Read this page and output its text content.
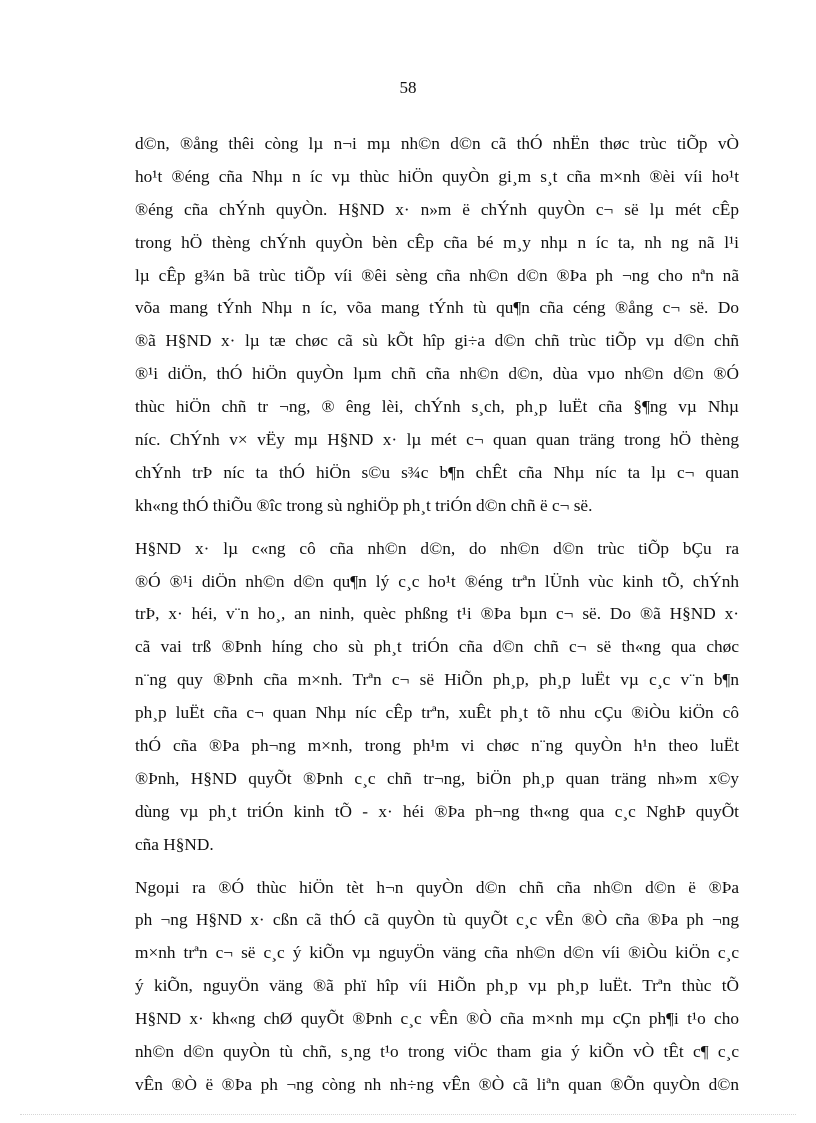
58

d©n, ®ång thêi còng lµ n¬i mµ nh©n d©n cã thÓ nhËn thøc trùc tiÕp vÒ
ho¹t ®éng cña Nhµ n íc vµ thùc hiÖn quyÒn gi¸m s¸t cña m×nh ®èi víi ho¹t
®éng cña chÝnh quyÒn. H§ND x· n»m ë chÝnh quyÒn c¬ së lµ mét cÊp
trong hÖ thèng chÝnh quyÒn bèn cÊp cña bé m¸y nhµ n íc ta, nh ng nã l¹i
lµ cÊp g¾n bã trùc tiÕp víi ®êi sèng cña nh©n d©n ®Þa ph ¬ng cho nªn nã
võa mang tÝnh Nhµ n íc, võa mang tÝnh tù qu¶n cña céng ®ång c¬ së. Do
®ã H§ND x· lµ tæ chøc cã sù kÕt hîp gi÷a d©n chñ trùc tiÕp vµ d©n chñ
®¹i diÖn, thÓ hiÖn quyÒn lµm chñ cña nh©n d©n, dùa vµo nh©n d©n ®Ó
thùc hiÖn chñ tr ¬ng, ® êng lèi, chÝnh s¸ch, ph¸p luËt cña §¶ng vµ Nhµ
níc. ChÝnh v× vËy mµ H§ND x· lµ mét c¬ quan quan träng trong hÖ thèng
chÝnh trÞ níc ta thÓ hiÖn s©u s¾c b¶n chÊt cña Nhµ níc ta lµ c¬ quan
kh«ng thÓ thiÕu ®îc trong sù nghiÖp ph¸t triÓn d©n chñ ë c¬ së.

H§ND x· lµ c«ng cô cña nh©n d©n, do nh©n d©n trùc tiÕp bÇu ra
®Ó ®¹i diÖn nh©n d©n qu¶n lý c¸c ho¹t ®éng trªn lÜnh vùc kinh tÕ, chÝnh
trÞ, x· héi, v¨n ho¸, an ninh, quèc phßng t¹i ®Þa bµn c¬ së. Do ®ã H§ND x·
cã vai trß ®Þnh híng cho sù ph¸t triÓn cña d©n chñ c¬ së th«ng qua chøc
n¨ng quy ®Þnh cña m×nh. Trªn c¬ së HiÕn ph¸p, ph¸p luËt vµ c¸c v¨n b¶n
ph¸p luËt cña c¬ quan Nhµ níc cÊp trªn, xuÊt ph¸t tõ nhu cÇu ®iÒu kiÖn cô
thÓ cña ®Þa ph¬ng m×nh, trong ph¹m vi chøc n¨ng quyÒn h¹n theo luËt
®Þnh, H§ND quyÕt ®Þnh c¸c chñ tr¬ng, biÖn ph¸p quan träng nh»m x©y
dùng vµ ph¸t triÓn kinh tÕ - x· héi ®Þa ph¬ng th«ng qua c¸c NghÞ quyÕt
cña H§ND.

Ngoµi ra ®Ó thùc hiÖn tèt h¬n quyÒn d©n chñ cña nh©n d©n ë ®Þa
ph ¬ng H§ND x· cßn cã thÓ cã quyÒn tù quyÕt c¸c vÊn ®Ò cña ®Þa ph ¬ng
m×nh trªn c¬ së c¸c ý kiÕn vµ nguyÖn väng cña nh©n d©n víi ®iÒu kiÖn c¸c
ý kiÕn, nguyÖn väng ®ã phï hîp víi HiÕn ph¸p vµ ph¸p luËt. Trªn thùc tÕ
H§ND x· kh«ng chØ quyÕt ®Þnh c¸c vÊn ®Ò cña m×nh mµ cÇn ph¶i t¹o cho
nh©n d©n quyÒn tù chñ, s¸ng t¹o trong viÖc tham gia ý kiÕn vÒ tÊt c¶ c¸c
vÊn ®Ò ë ®Þa ph ¬ng còng nh nh÷ng vÊn ®Ò cã liªn quan ®Õn quyÒn d©n
